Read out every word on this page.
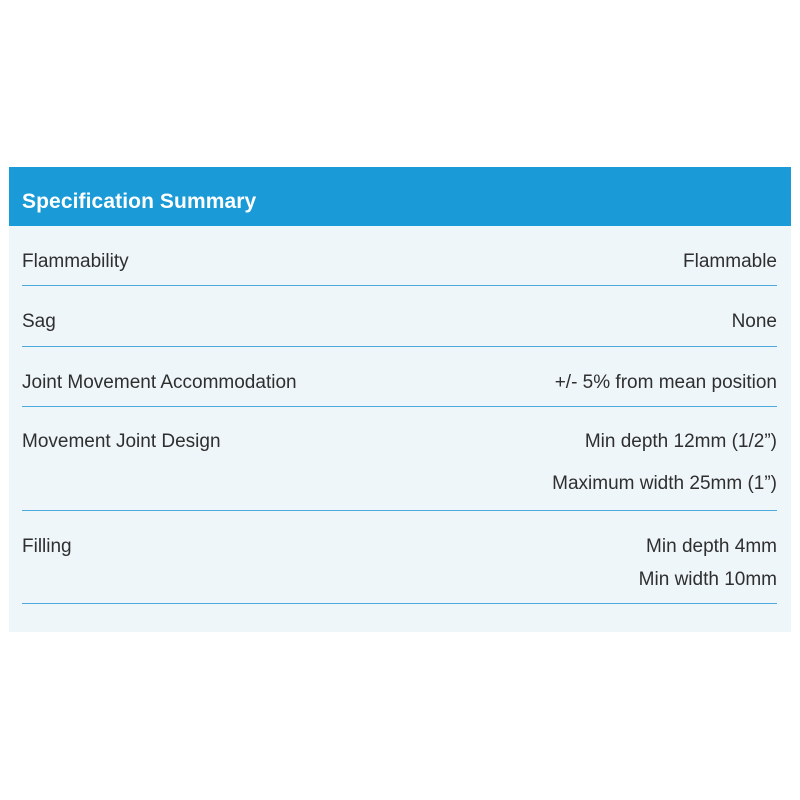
Specification Summary
Flammability	Flammable
Sag	None
Joint Movement Accommodation	+/- 5% from mean position
Movement Joint Design	Min depth 12mm (1/2”)
Maximum width 25mm (1”)
Filling	Min depth 4mm
Min width 10mm
